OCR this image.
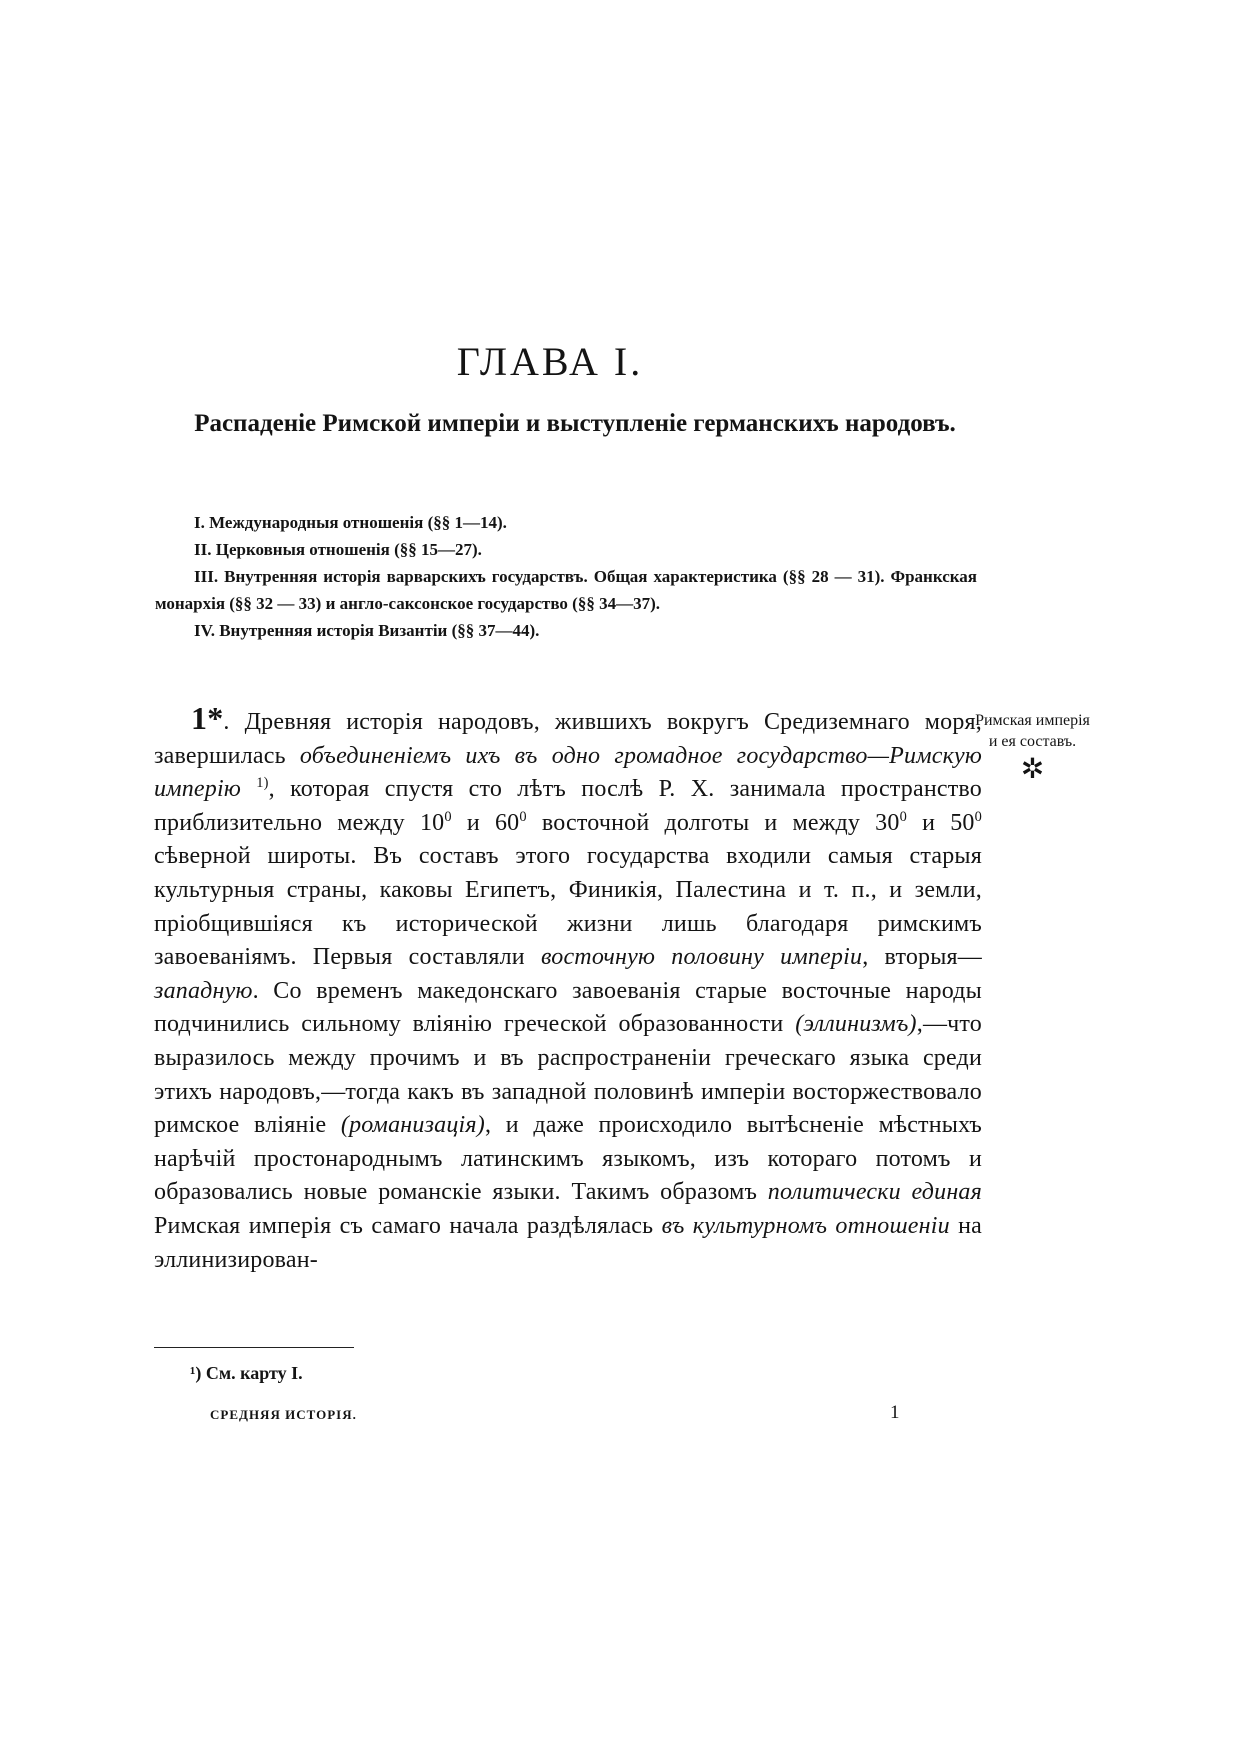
ГЛАВА I.
Распаденіе Римской имперіи и выступленіе германскихъ народовъ.

I. Международныя отношенія (§§ 1—14).

II. Церковныя отношенія (§§ 15—27).

III. Внутренняя исторія варварскихъ государствъ. Общая характеристика (§§ 28 — 31). Франкская монархія (§§ 32 — 33) и англо-саксонское государство (§§ 34—37).

IV. Внутренняя исторія Византіи (§§ 37—44).

1*. Древняя исторія народовъ, жившихъ вокругъ Средиземнаго моря, завершилась объединеніемъ ихъ въ одно громадное государство—Римскую имперію $^{1)}$, которая спустя сто лѣтъ послѣ Р. Х. занимала пространство приблизительно между $10^0$ и $60^0$ восточной долготы и между $30^0$ и $50^0$ сѣверной широты. Въ составъ этого государства входили самыя старыя культурныя страны, каковы Египетъ, Финикія, Палестина и т. п., и земли, пріобщившіяся къ исторической жизни лишь благодаря римскимъ завоеваніямъ. Первыя составляли восточную половину имперіи, вторыя—западную. Со временъ македонскаго завоеванія старые восточные народы подчинились сильному вліянію греческой образованности (эллинизмъ),—что выразилось между прочимъ и въ распространеніи греческаго языка среди этихъ народовъ,—тогда какъ въ западной половинѣ имперіи восторжествовало римское вліяніе (романизація), и даже происходило вытѣсненіе мѣстныхъ нарѣчій простонароднымъ латинскимъ языкомъ, изъ котораго потомъ и образовались новые романскіе языки. Такимъ образомъ политически единая Римская имперія съ самаго начала раздѣлялась въ культурномъ отношеніи на эллинизирован-

Римская имперія и ея составъ.
✲
¹) См. карту I.
СРЕДНЯЯ ИСТОРІЯ.	1
